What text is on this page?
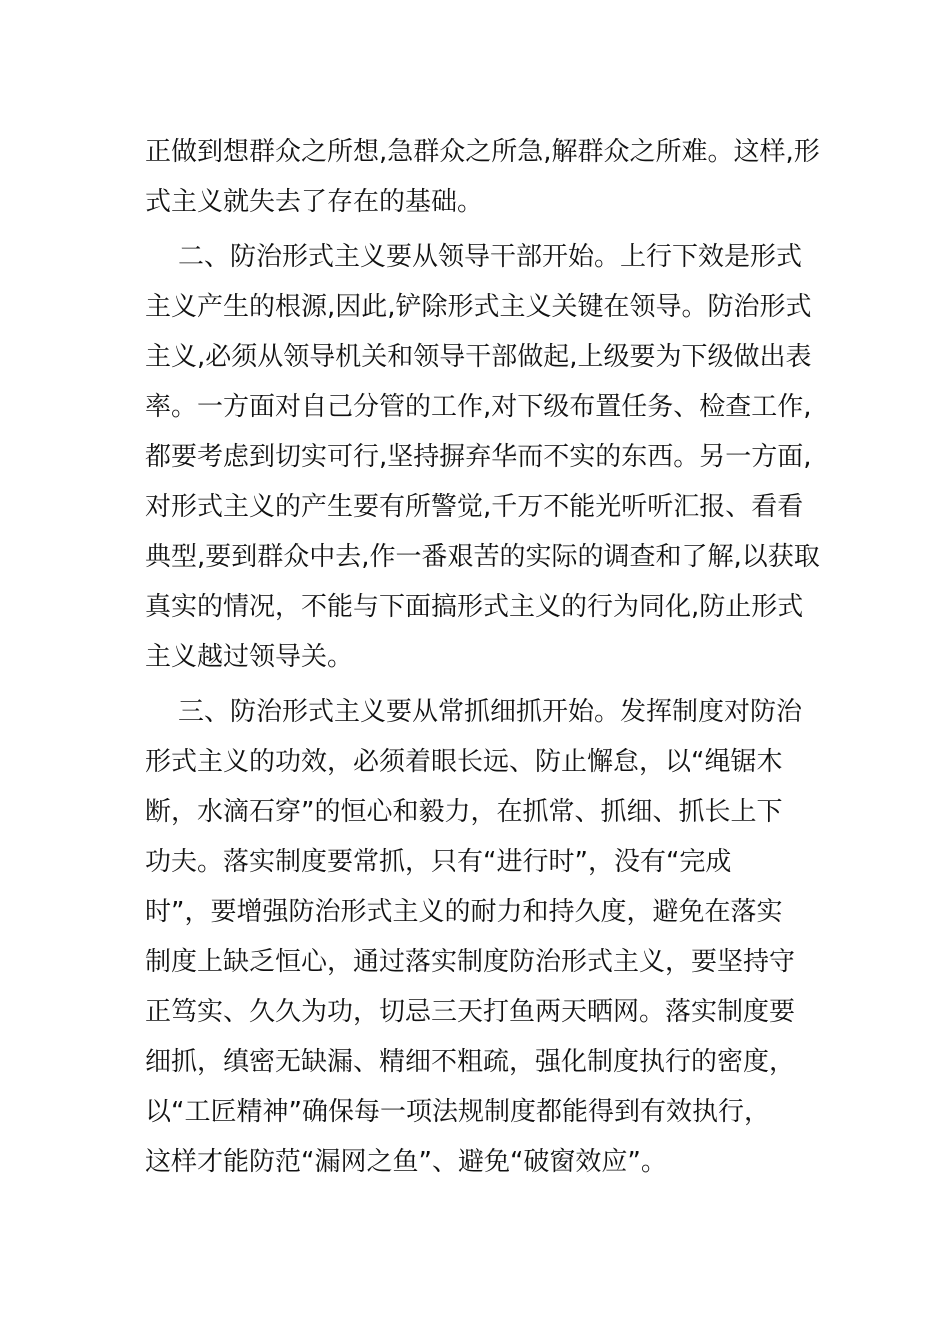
正做到想群众之所想,急群众之所急,解群众之所难。这样,形
式主义就失去了存在的基础。
二、防治形式主义要从领导干部开始。上行下效是形式
主义产生的根源,因此,铲除形式主义关键在领导。防治形式
主义,必须从领导机关和领导干部做起,上级要为下级做出表
率。一方面对自己分管的工作,对下级布置任务、检查工作,
都要考虑到切实可行,坚持摒弃华而不实的东西。另一方面,
对形式主义的产生要有所警觉,千万不能光听听汇报、看看
典型,要到群众中去,作一番艰苦的实际的调查和了解,以获取
真实的情况，不能与下面搞形式主义的行为同化,防止形式
主义越过领导关。
三、防治形式主义要从常抓细抓开始。发挥制度对防治
形式主义的功效，必须着眼长远、防止懈怠，以“绳锯木
断，水滴石穿”的恒心和毅力，在抓常、抓细、抓长上下
功夫。落实制度要常抓，只有“进行时”，没有“完成
时”，要增强防治形式主义的耐力和持久度，避免在落实
制度上缺乏恒心，通过落实制度防治形式主义，要坚持守
正笃实、久久为功，切忌三天打鱼两天晒网。落实制度要
细抓，缜密无缺漏、精细不粗疏，强化制度执行的密度，
以“工匠精神”确保每一项法规制度都能得到有效执行，
这样才能防范“漏网之鱼”、避免“破窗效应”。
